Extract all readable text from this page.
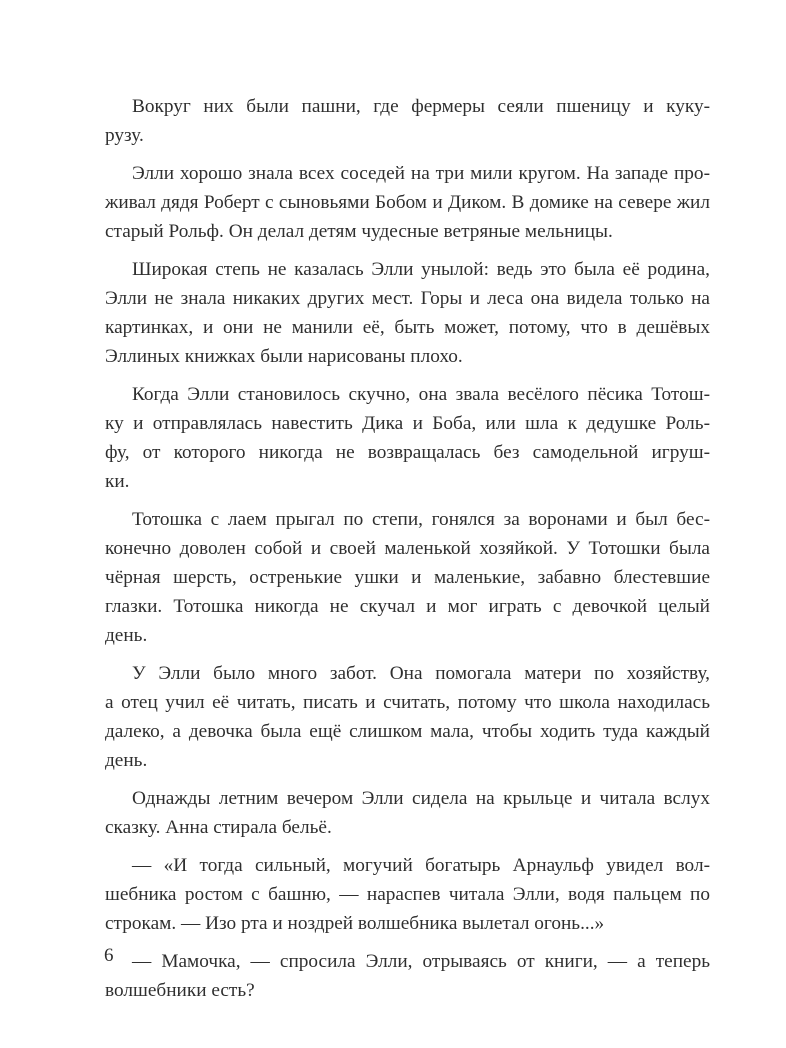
Вокруг них были пашни, где фермеры сеяли пшеницу и куку-
рузу.

Элли хорошо знала всех соседей на три мили кругом. На западе про-
живал дядя Роберт с сыновьями Бобом и Диком. В домике на севере жил
старый Рольф. Он делал детям чудесные ветряные мельницы.

Широкая степь не казалась Элли унылой: ведь это была её родина,
Элли не знала никаких других мест. Горы и леса она видела только на
картинках, и они не манили её, быть может, потому, что в дешёвых
Эллиных книжках были нарисованы плохо.

Когда Элли становилось скучно, она звала весёлого пёсика Тотош-
ку и отправлялась навестить Дика и Боба, или шла к дедушке Роль-
фу, от которого никогда не возвращалась без самодельной игруш-
ки.

Тотошка с лаем прыгал по степи, гонялся за воронами и был бес-
конечно доволен собой и своей маленькой хозяйкой. У Тотошки была
чёрная шерсть, остренькие ушки и маленькие, забавно блестевшие
глазки. Тотошка никогда не скучал и мог играть с девочкой целый
день.

У Элли было много забот. Она помогала матери по хозяйству,
а отец учил её читать, писать и считать, потому что школа находилась
далеко, а девочка была ещё слишком мала, чтобы ходить туда каждый
день.

Однажды летним вечером Элли сидела на крыльце и читала вслух
сказку. Анна стирала бельё.

— «И тогда сильный, могучий богатырь Арнаульф увидел вол-
шебника ростом с башню, — нараспев читала Элли, водя пальцем по
строкам. — Изо рта и ноздрей волшебника вылетал огонь...»

— Мамочка, — спросила Элли, отрываясь от книги, — а теперь
волшебники есть?

6
